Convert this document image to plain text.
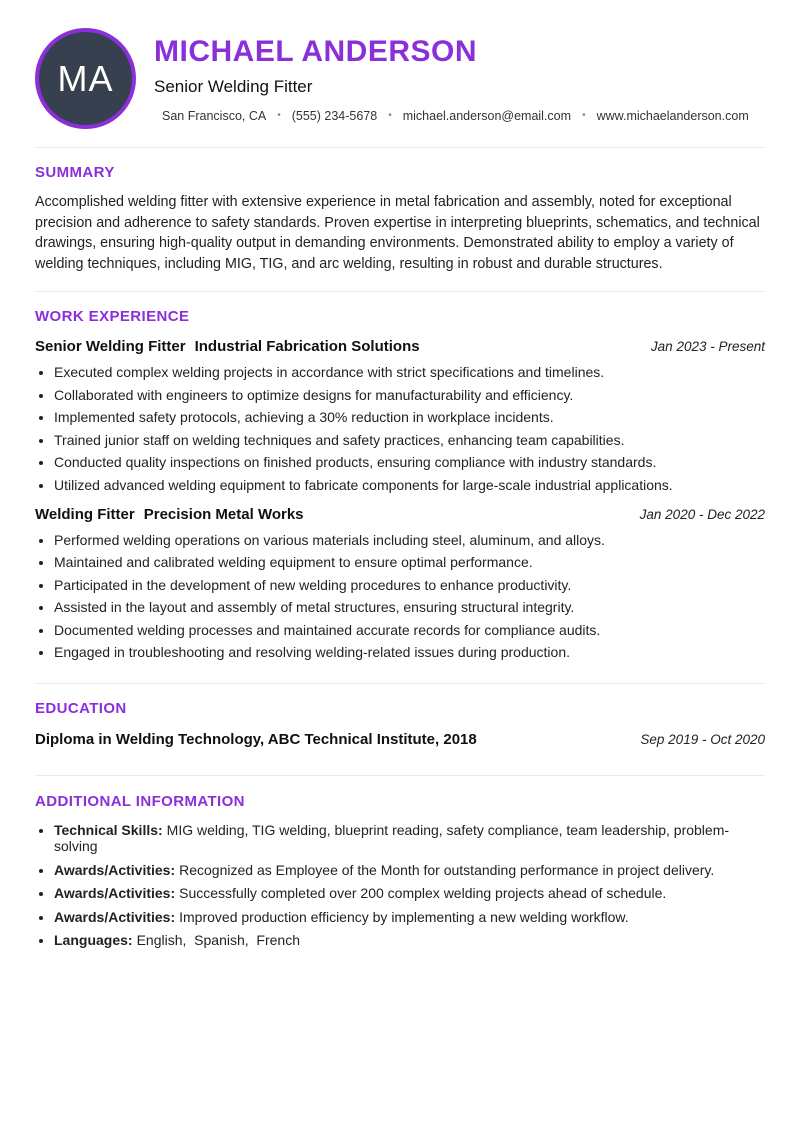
MA
MICHAEL ANDERSON
Senior Welding Fitter
San Francisco, CA • (555) 234-5678 • michael.anderson@email.com • www.michaelanderson.com
SUMMARY

Accomplished welding fitter with extensive experience in metal fabrication and assembly, noted for exceptional precision and adherence to safety standards. Proven expertise in interpreting blueprints, schematics, and technical drawings, ensuring high-quality output in demanding environments. Demonstrated ability to employ a variety of welding techniques, including MIG, TIG, and arc welding, resulting in robust and durable structures.

WORK EXPERIENCE
Senior Welding Fitter Industrial Fabrication Solutions	Jan 2023 - Present
• Executed complex welding projects in accordance with strict specifications and timelines.
• Collaborated with engineers to optimize designs for manufacturability and efficiency.
• Implemented safety protocols, achieving a 30% reduction in workplace incidents.
• Trained junior staff on welding techniques and safety practices, enhancing team capabilities.
• Conducted quality inspections on finished products, ensuring compliance with industry standards.
• Utilized advanced welding equipment to fabricate components for large-scale industrial applications.
Welding Fitter Precision Metal Works	Jan 2020 - Dec 2022
• Performed welding operations on various materials including steel, aluminum, and alloys.
• Maintained and calibrated welding equipment to ensure optimal performance.
• Participated in the development of new welding procedures to enhance productivity.
• Assisted in the layout and assembly of metal structures, ensuring structural integrity.
• Documented welding processes and maintained accurate records for compliance audits.
• Engaged in troubleshooting and resolving welding-related issues during production.
EDUCATION
Diploma in Welding Technology, ABC Technical Institute, 2018	Sep 2019 - Oct 2020
ADDITIONAL INFORMATION
• Technical Skills: MIG welding, TIG welding, blueprint reading, safety compliance, team leadership, problem-solving
• Awards/Activities: Recognized as Employee of the Month for outstanding performance in project delivery.
• Awards/Activities: Successfully completed over 200 complex welding projects ahead of schedule.
• Awards/Activities: Improved production efficiency by implementing a new welding workflow.
• Languages: English,  Spanish,  French
